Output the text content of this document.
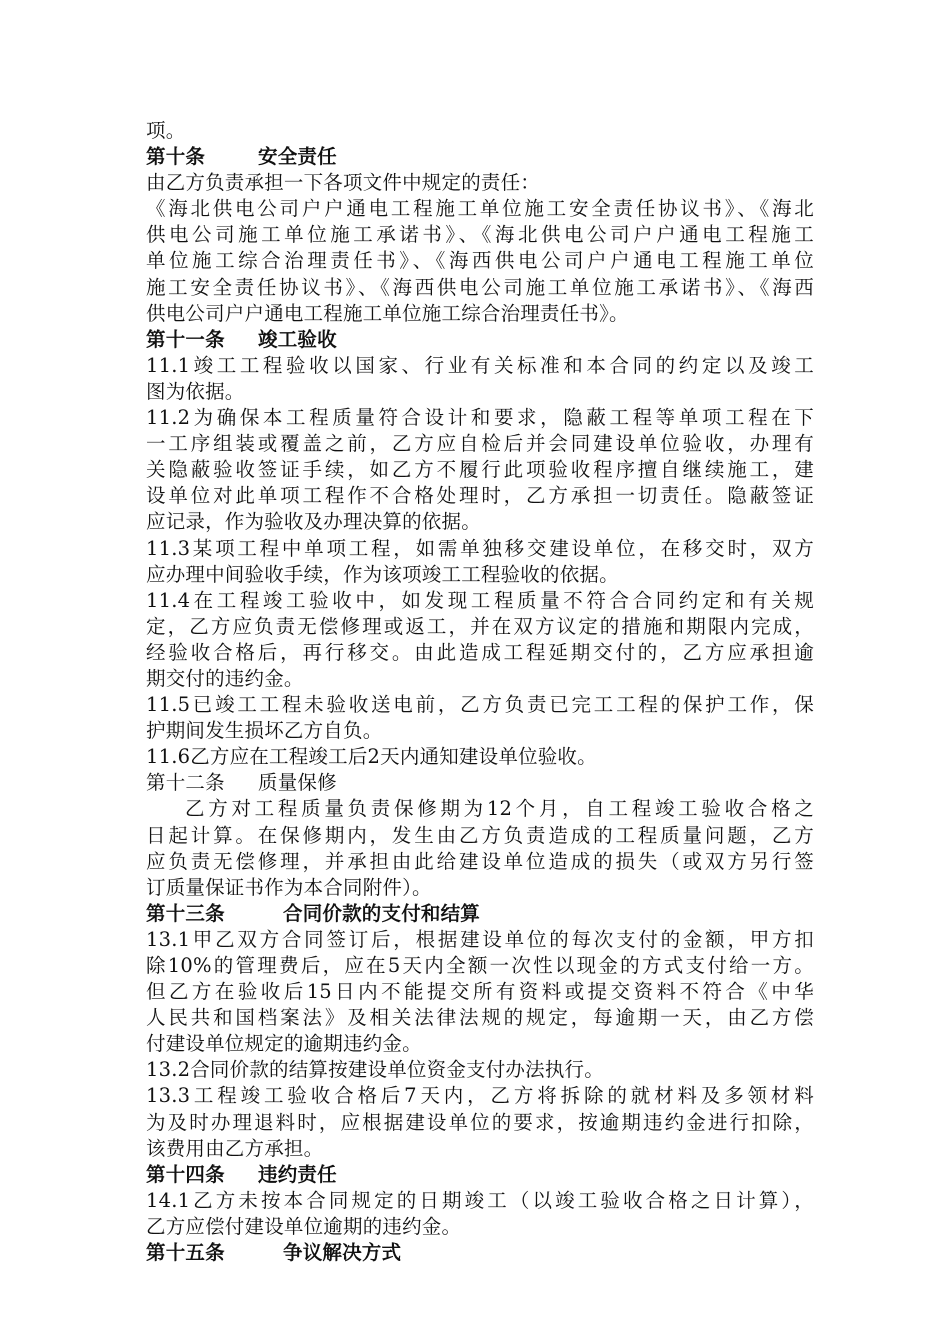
项。
第十条	安全责任
由乙方负责承担一下各项文件中规定的责任：
《海北供电公司户户通电工程施工单位施工安全责任协议书》、《海北
供电公司施工单位施工承诺书》、《海北供电公司户户通电工程施工
单位施工综合治理责任书》、《海西供电公司户户通电工程施工单位
施工安全责任协议书》、《海西供电公司施工单位施工承诺书》、《海西
供电公司户户通电工程施工单位施工综合治理责任书》。
第十一条 竣工验收
11.1竣工工程验收以国家、行业有关标准和本合同的约定以及竣工
图为依据。
11.2为确保本工程质量符合设计和要求，隐蔽工程等单项工程在下
一工序组装或覆盖之前，乙方应自检后并会同建设单位验收，办理有
关隐蔽验收签证手续，如乙方不履行此项验收程序擅自继续施工，建
设单位对此单项工程作不合格处理时，乙方承担一切责任。隐蔽签证
应记录，作为验收及办理决算的依据。
11.3某项工程中单项工程，如需单独移交建设单位，在移交时，双方
应办理中间验收手续，作为该项竣工工程验收的依据。
11.4在工程竣工验收中，如发现工程质量不符合合同约定和有关规
定，乙方应负责无偿修理或返工，并在双方议定的措施和期限内完成，
经验收合格后，再行移交。由此造成工程延期交付的，乙方应承担逾
期交付的违约金。
11.5已竣工工程未验收送电前，乙方负责已完工工程的保护工作，保
护期间发生损坏乙方自负。
11.6乙方应在工程竣工后2天内通知建设单位验收。
第十二条 质量保修
乙方对工程质量负责保修期为12个月，自工程竣工验收合格之
日起计算。在保修期内，发生由乙方负责造成的工程质量问题，乙方
应负责无偿修理，并承担由此给建设单位造成的损失（或双方另行签
订质量保证书作为本合同附件）。
第十三条	合同价款的支付和结算
13.1甲乙双方合同签订后，根据建设单位的每次支付的金额，甲方扣
除10%的管理费后，应在5天内全额一次性以现金的方式支付给一方。
但乙方在验收后15日内不能提交所有资料或提交资料不符合《中华
人民共和国档案法》及相关法律法规的规定，每逾期一天，由乙方偿
付建设单位规定的逾期违约金。
13.2合同价款的结算按建设单位资金支付办法执行。
13.3工程竣工验收合格后7天内，乙方将拆除的就材料及多领材料
为及时办理退料时，应根据建设单位的要求，按逾期违约金进行扣除，
该费用由乙方承担。
第十四条 违约责任
14.1乙方未按本合同规定的日期竣工（以竣工验收合格之日计算），
乙方应偿付建设单位逾期的违约金。
第十五条	争议解决方式
